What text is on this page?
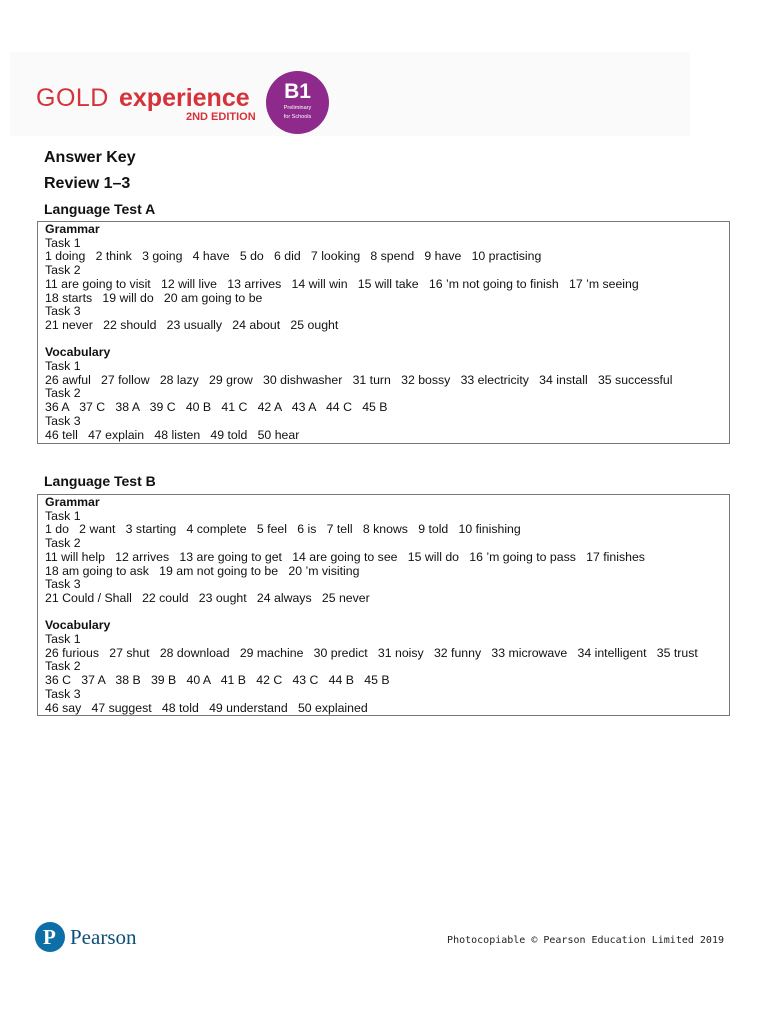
GOLD experience
2ND EDITION
B1
Preliminary
for Schools
Answer Key
Review 1–3
Language Test A
Grammar
Task 1
1 doing   2 think   3 going   4 have   5 do   6 did   7 looking   8 spend   9 have   10 practising
Task 2
11 are going to visit   12 will live   13 arrives   14 will win   15 will take   16 ’m not going to finish   17 ’m seeing
18 starts   19 will do   20 am going to be
Task 3
21 never   22 should   23 usually   24 about   25 ought
Vocabulary
Task 1
26 awful   27 follow   28 lazy   29 grow   30 dishwasher   31 turn   32 bossy   33 electricity   34 install   35 successful
Task 2
36 A   37 C   38 A   39 C   40 B   41 C   42 A   43 A   44 C   45 B
Task 3
46 tell   47 explain   48 listen   49 told   50 hear
Language Test B
Grammar
Task 1
1 do   2 want   3 starting   4 complete   5 feel   6 is   7 tell   8 knows   9 told   10 finishing
Task 2
11 will help   12 arrives   13 are going to get   14 are going to see   15 will do   16 ’m going to pass   17 finishes
18 am going to ask   19 am not going to be   20 ’m visiting
Task 3
21 Could / Shall   22 could   23 ought   24 always   25 never
Vocabulary
Task 1
26 furious   27 shut   28 download   29 machine   30 predict   31 noisy   32 funny   33 microwave   34 intelligent   35 trust
Task 2
36 C   37 A   38 B   39 B   40 A   41 B   42 C   43 C   44 B   45 B
Task 3
46 say   47 suggest   48 told   49 understand   50 explained
P Pearson	Photocopiable © Pearson Education Limited 2019
